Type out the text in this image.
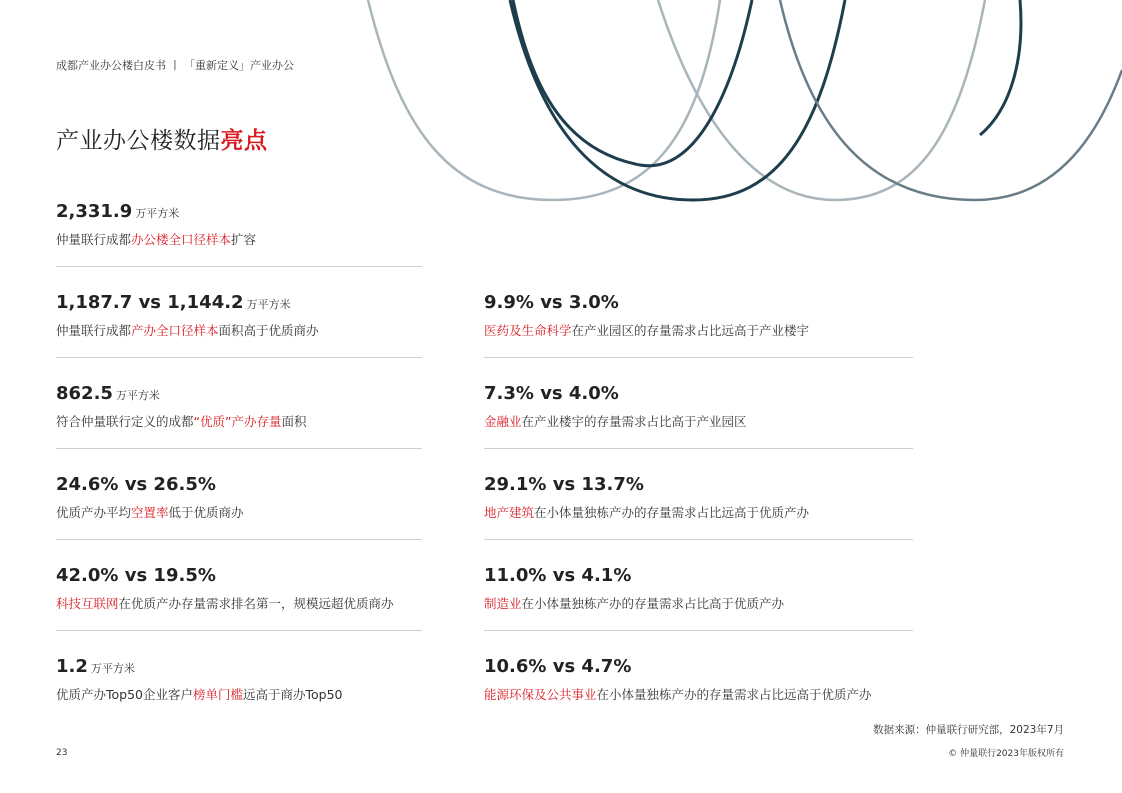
成都产业办公楼白皮书 丨 「重新定义」产业办公
产业办公楼数据亮点
2,331.9 万平方米
仲量联行成都办公楼全口径样本扩容
1,187.7 vs 1,144.2 万平方米
仲量联行成都产办全口径样本面积高于优质商办
862.5 万平方米
符合仲量联行定义的成都“优质”产办存量面积
24.6% vs 26.5%
优质产办平均空置率低于优质商办
42.0% vs 19.5%
科技互联网在优质产办存量需求排名第一，规模远超优质商办
1.2 万平方米
优质产办Top50企业客户榜单门槛远高于商办Top50
9.9% vs 3.0%
医药及生命科学在产业园区的存量需求占比远高于产业楼宇
7.3% vs 4.0%
金融业在产业楼宇的存量需求占比高于产业园区
29.1% vs 13.7%
地产建筑在小体量独栋产办的存量需求占比远高于优质产办
11.0% vs 4.1%
制造业在小体量独栋产办的存量需求占比高于优质产办
10.6% vs 4.7%
能源环保及公共事业在小体量独栋产办的存量需求占比远高于优质产办
数据来源：仲量联行研究部，2023年7月
© 仲量联行2023年版权所有
23
